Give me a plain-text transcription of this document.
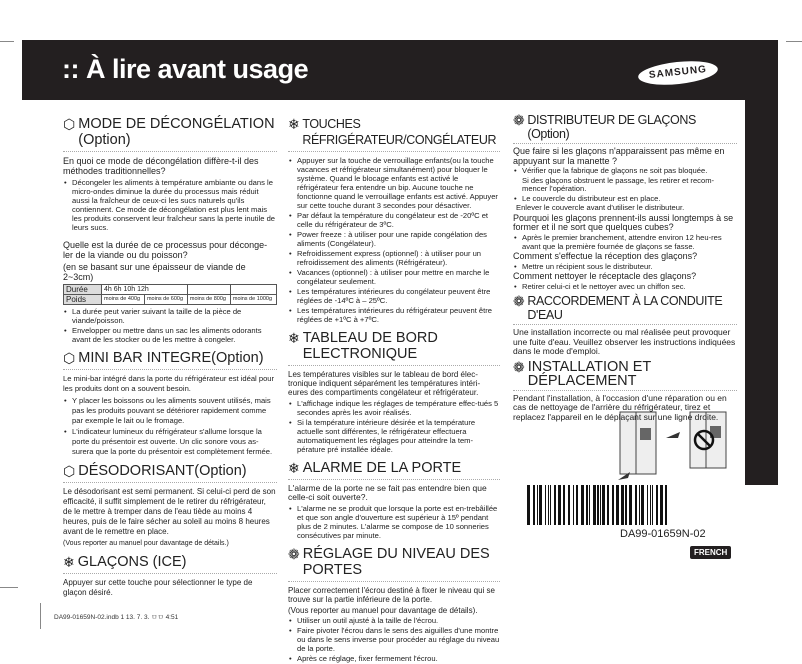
:: À lire avant usage	SAMSUNG
⬡ MODE DE DÉCONGÉLATION (Option)

En quoi ce mode de décongélation diffère-t-il des méthodes traditionnelles?

• Décongeler les aliments à température ambiante ou dans le micro-ondes diminue la durée du processus mais réduit aussi la fraîcheur de ceux-ci les sucs naturels qu'ils contiennent. Ce mode de décongélation est plus lent mais les produits conservent leur fraîcheur sans la perte inutile de leurs sucs.

Quelle est la durée de ce processus pour déconge-ler de la viande ou du poisson?

(en se basant sur une épaisseur de viande de 2~3cm)

Durée	4h 6h 10h 12h			
Poids	moins de 400g	moins de 600g	moins de 800g	moins de 1000g
• La durée peut varier suivant la taille de la pièce de viande/poisson.
• Envelopper ou mettre dans un sac les aliments odorants avant de les stocker ou de les mettre à congeler.
⬡ MINI BAR INTEGRE(Option)

Le mini-bar intégré dans la porte du réfrigérateur est idéal pour les produits dont on a souvent besoin.

• Y placer les boissons ou les aliments souvent utilisés, mais pas les produits pouvant se détériorer rapidement comme par exemple le lait ou le fromage.
• L'indicateur lumineux du réfrigérateur s'allume lorsque la porte du présentoir est ouverte. Un clic sonore vous as-surera que la porte du présentoir est complètement fermée.
⬡ DÉSODORISANT(Option)

Le désodorisant est semi permanent. Si celui-ci perd de son efficacité, il suffit simplement de le retirer du réfrigérateur, de le mettre à tremper dans de l'eau tiède au moins 4 heures, puis de le faire sécher au soleil au moins 8 heures avant de le remettre en place.

(Vous reporter au manuel pour davantage de détails.)

❄ GLAÇONS (ICE)

Appuyer sur cette touche pour sélectionner le type de glaçon désiré.

❄ TOUCHES RÉFRIGÉRATEUR/CONGÉLATEUR
• Appuyer sur la touche de verrouillage enfants(ou la touche vacances et réfrigérateur simultanément) pour bloquer le système. Quand le blocage enfants est activé le réfrigérateur fera entendre un bip. Aucune touche ne fonctionne quand le verrouillage enfants est activé. Appuyer sur cette touche durant 3 secondes pour désactiver.
• Par défaut la température du congélateur est de -20ºC et celle du réfrigérateur de 3ºC.
• Power freeze : à utiliser pour une rapide congélation des aliments (Congélateur).
• Refroidissement express (optionnel) : à utiliser pour un refroidissement des aliments (Réfrigérateur).
• Vacances (optionnel) : à utiliser pour mettre en marche le congélateur seulement.
• Les températures intérieures du congélateur peuvent être réglées de -14ºC à – 25ºC.
• Les températures intérieures du réfrigérateur peuvent être réglées de +1ºC à +7ºC.
❄ TABLEAU DE BORD ELECTRONIQUE

Les températures visibles sur le tableau de bord élec-tronique indiquent séparément les températures intéri-eures des compartiments congélateur et réfrigérateur.

• L'affichage indique les réglages de température effec-tués 5 secondes après les avoir réalisés.
• Si la température intérieure désirée et la température actuelle sont différentes, le réfrigérateur effectuera automatiquement les réglages pour atteindre la tem-pérature pré installée idéale.
❄ ALARME DE LA PORTE

L'alarme de la porte ne se fait pas entendre bien que celle-ci soit ouverte?.

• L'alarme ne se produit que lorsque la porte est en-trebâillée et que son angle d'ouverture est supérieur à 15º pendant plus de 2 minutes. L'alarme se compose de 10 sonneries consécutives par minute.
❁ RÉGLAGE DU NIVEAU DES PORTES

Placer correctement l'écrou destiné à fixer le niveau qui se trouve sur la partie inférieure de la porte.

(Vous reporter au manuel pour davantage de détails).

• Utiliser un outil ajusté à la taille de l'écrou.
• Faire pivoter l'écrou dans le sens des aiguilles d'une montre ou dans le sens inverse pour procéder au réglage du niveau de la porte.
• Après ce réglage, fixer fermement l'écrou.
❁ DISTRIBUTEUR DE GLAÇONS (Option)

Que faire si les glaçons n'apparaissent pas même en appuyant sur la manette ?

• Vérifier que la fabrique de glaçons ne soit pas bloquée.

Si des glaçons obstruent le passage, les retirer et recom-mencer l'opération.

• Le couvercle du distributeur est en place.

Enlever le couvercle avant d'utiliser le distributeur.

Pourquoi les glaçons prennent-ils aussi longtemps à se former et il ne sort que quelques cubes?

• Après le premier branchement, attendre environ 12 heu-res avant que la première fournée de glaçons se fasse.

Comment s'effectue la réception des glaçons?

• Mettre un récipient sous le distributeur.

Comment nettoyer le réceptacle des glaçons?

• Retirer celui-ci et le nettoyer avec un chiffon sec.
❁ RACCORDEMENT À LA CONDUITE D'EAU

Une installation incorrecte ou mal réalisée peut provoquer une fuite d'eau. Veuillez observer les instructions indiquées dans le mode d'emploi.

❁ INSTALLATION ET DÉPLACEMENT

Pendant l'installation, à l'occasion d'une réparation ou en cas de nettoyage de l'arrière du réfrigérateur, tirez et replacez l'appareil en le déplaçant sur une ligne droite.

DA99-01659N-02
FRENCH
DA99-01659N-02.indb 1 13. 7. 3. ㅁㅁ 4:51
